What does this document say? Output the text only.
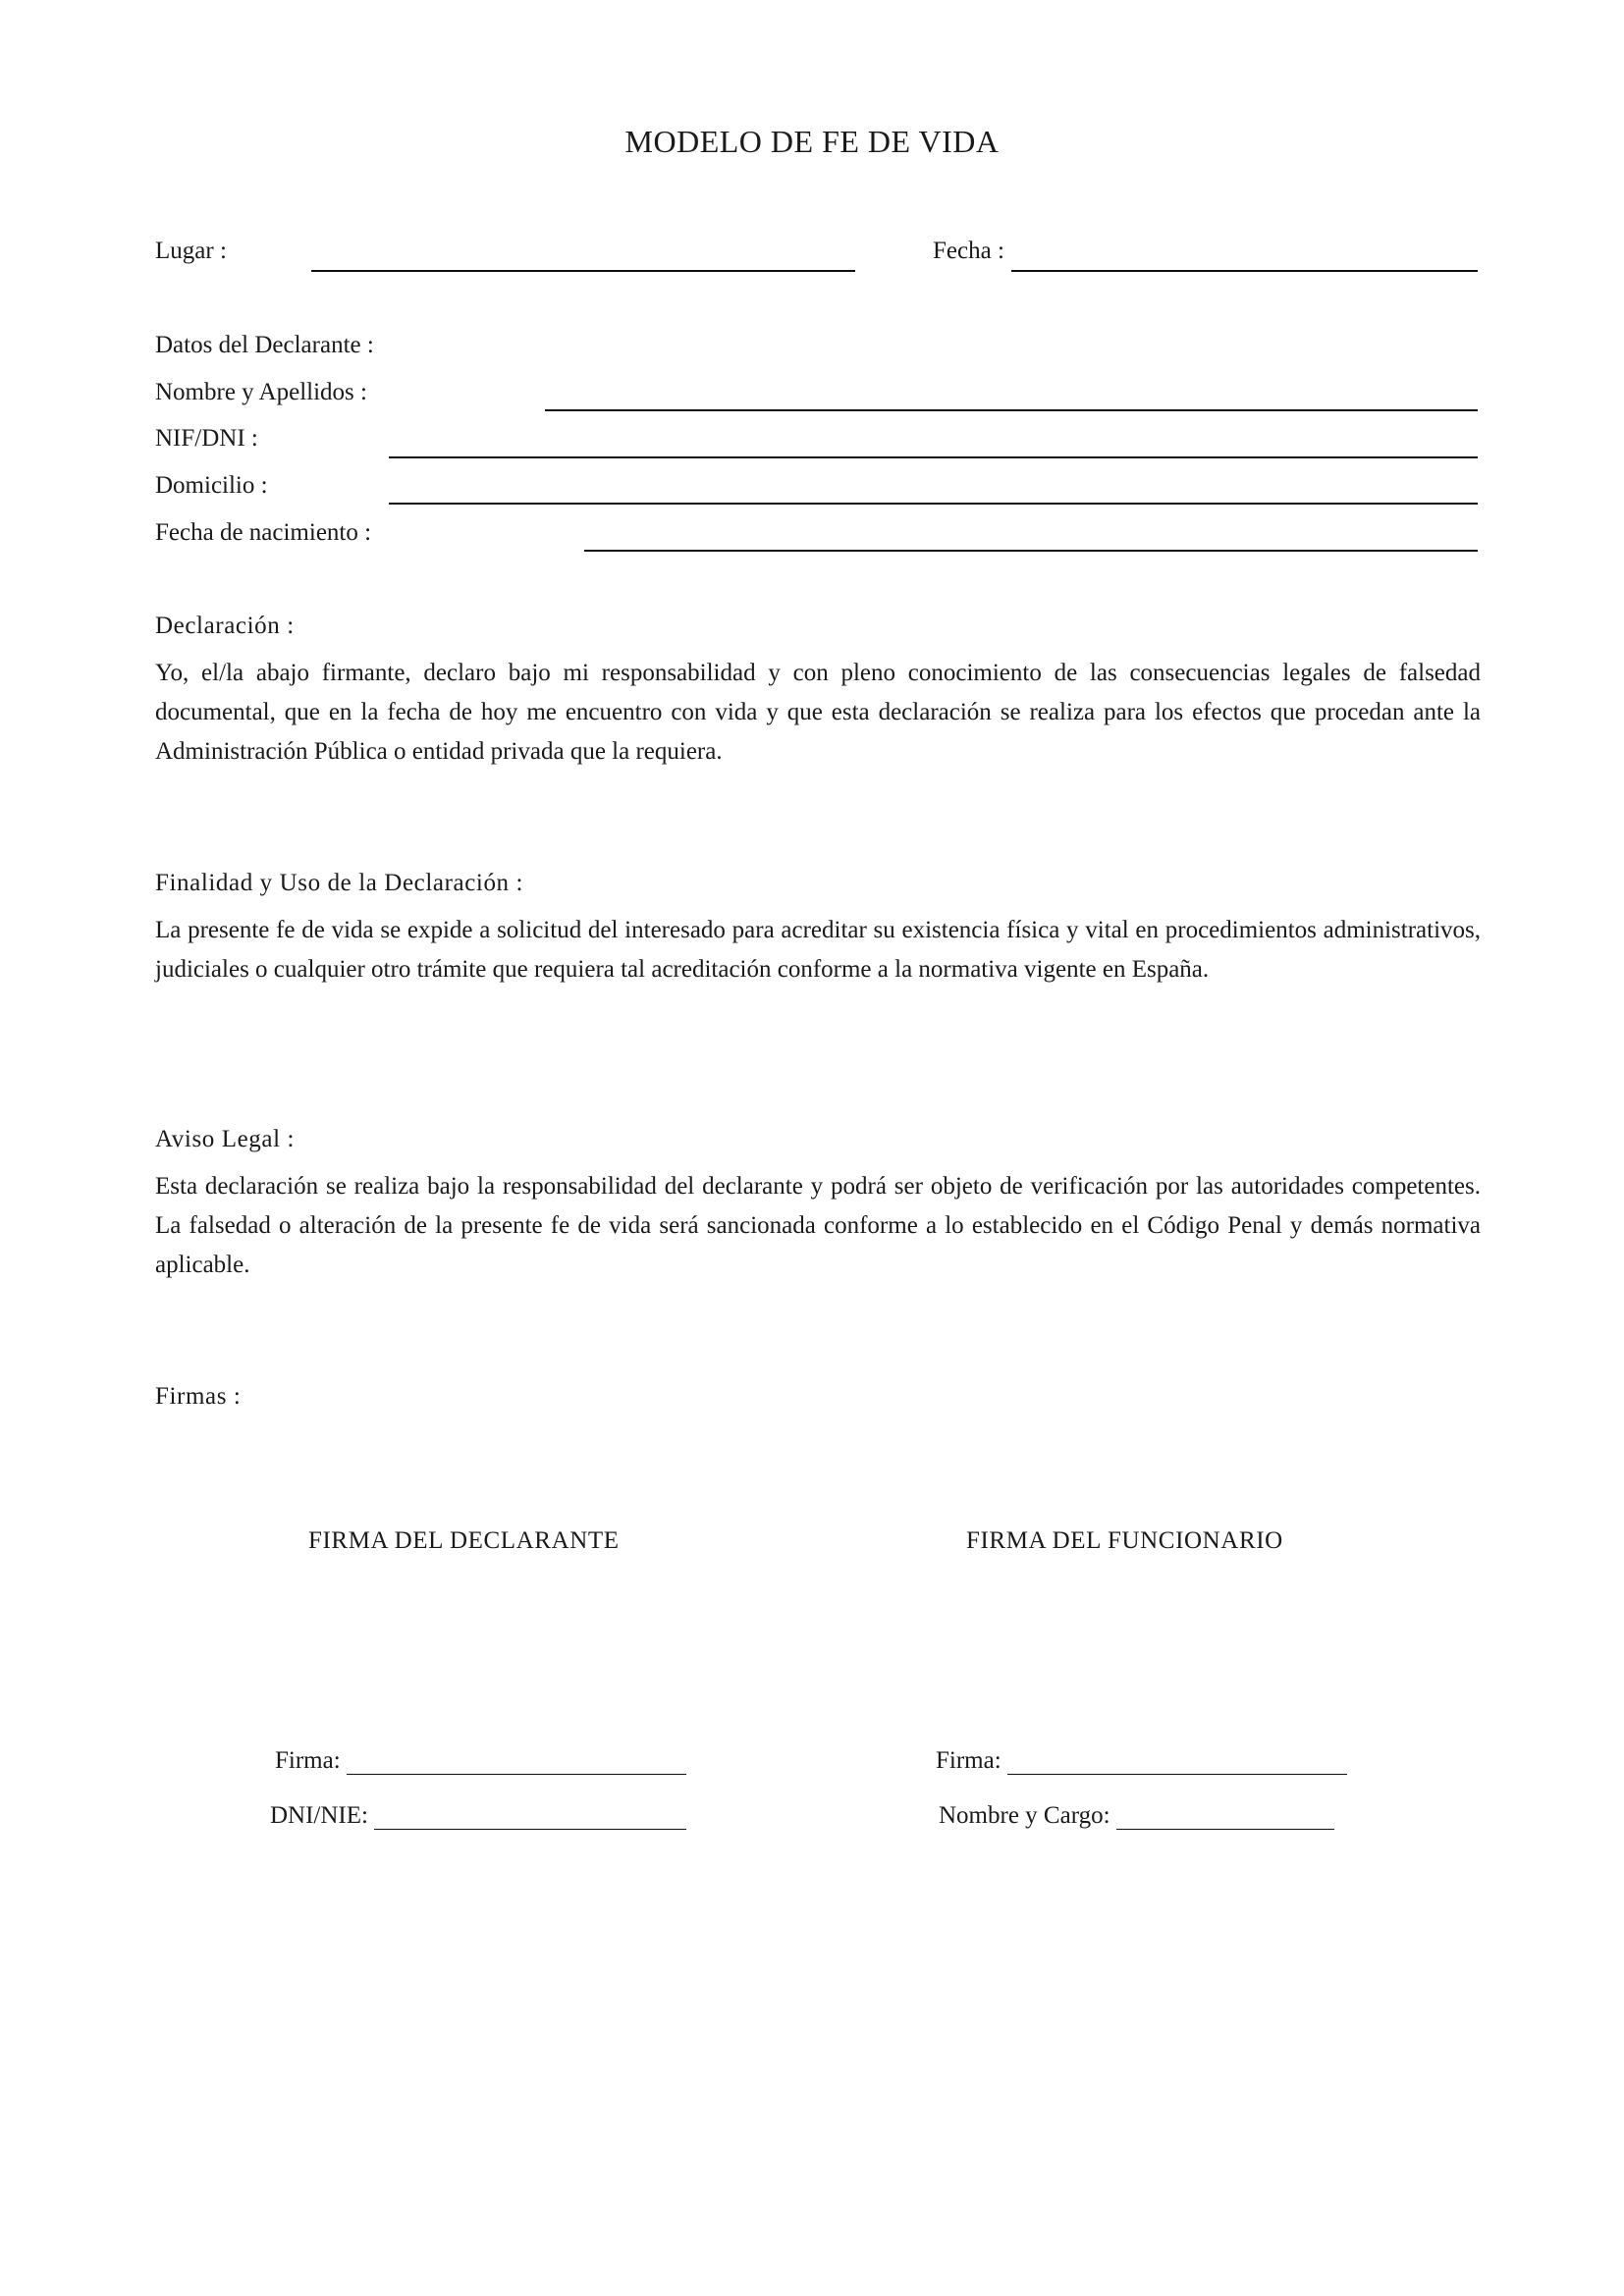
MODELO DE FE DE VIDA
Lugar :	Fecha :
Datos del Declarante :
Nombre y Apellidos :
NIF/DNI :
Domicilio :
Fecha de nacimiento :
Declaración :
Yo, el/la abajo firmante, declaro bajo mi responsabilidad y con pleno conocimiento de las consecuencias legales de falsedad documental, que en la fecha de hoy me encuentro con vida y que esta declaración se realiza para los efectos que procedan ante la Administración Pública o entidad privada que la requiera.
Finalidad y Uso de la Declaración :
La presente fe de vida se expide a solicitud del interesado para acreditar su existencia física y vital en procedimientos administrativos, judiciales o cualquier otro trámite que requiera tal acreditación conforme a la normativa vigente en España.
Aviso Legal :
Esta declaración se realiza bajo la responsabilidad del declarante y podrá ser objeto de verificación por las autoridades competentes. La falsedad o alteración de la presente fe de vida será sancionada conforme a lo establecido en el Código Penal y demás normativa aplicable.
Firmas :
FIRMA DEL DECLARANTE	FIRMA DEL FUNCIONARIO
Firma:
DNI/NIE:
Firma:
Nombre y Cargo:
